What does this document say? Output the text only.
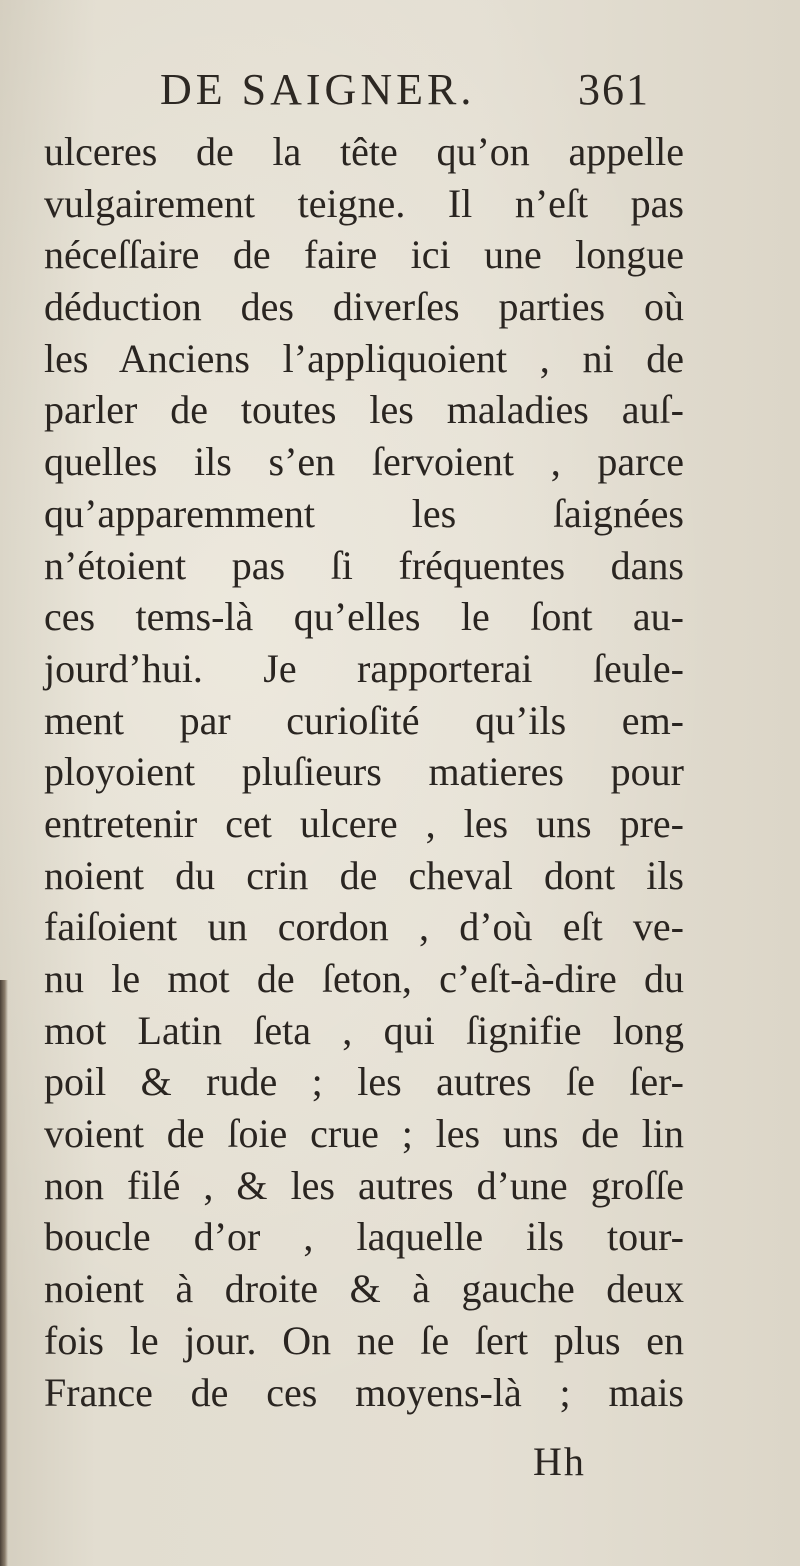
DE SAIGNER. 361
ulceres de la tête qu’on appelle
vulgairement teigne. Il n’eſt pas
néceſſaire de faire ici une longue
déduction des diverſes parties où
les Anciens l’appliquoient , ni de
parler de toutes les maladies auſ-
quelles ils s’en ſervoient , parce
qu’apparemment les ſaignées
n’étoient pas ſi fréquentes dans
ces tems-là qu’elles le ſont au-
jourd’hui. Je rapporterai ſeule-
ment par curioſité qu’ils em-
ployoient pluſieurs matieres pour
entretenir cet ulcere , les uns pre-
noient du crin de cheval dont ils
faiſoient un cordon , d’où eſt ve-
nu le mot de ſeton, c’eſt-à-dire du
mot Latin ſeta , qui ſignifie long
poil & rude ; les autres ſe ſer-
voient de ſoie crue ; les uns de lin
non filé , & les autres d’une groſſe
boucle d’or , laquelle ils tour-
noient à droite & à gauche deux
fois le jour. On ne ſe ſert plus en
France de ces moyens-là ; mais
Hh
